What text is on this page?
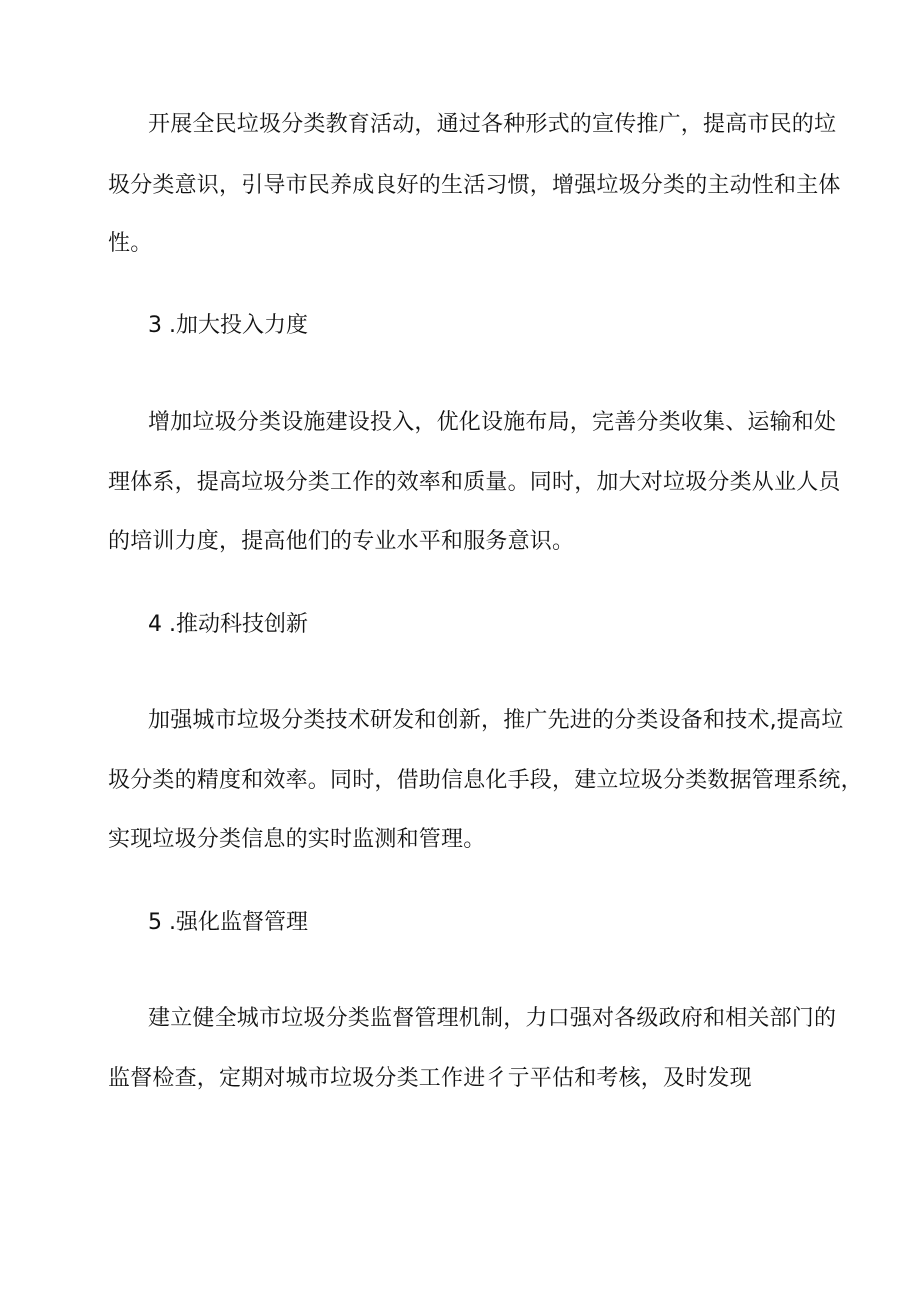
开展全民垃圾分类教育活动，通过各种形式的宣传推广，提高市民的垃
圾分类意识，引导市民养成良好的生活习惯，增强垃圾分类的主动性和主体
性。
3 .加大投入力度
增加垃圾分类设施建设投入，优化设施布局，完善分类收集、运输和处
理体系，提高垃圾分类工作的效率和质量。同时，加大对垃圾分类从业人员
的培训力度，提高他们的专业水平和服务意识。
4 .推动科技创新
加强城市垃圾分类技术研发和创新，推广先进的分类设备和技术,提高垃
圾分类的精度和效率。同时，借助信息化手段，建立垃圾分类数据管理系统，
实现垃圾分类信息的实时监测和管理。
5 .强化监督管理
建立健全城市垃圾分类监督管理机制，力口强对各级政府和相关部门的
监督检查，定期对城市垃圾分类工作进彳亍平估和考核，及时发现
